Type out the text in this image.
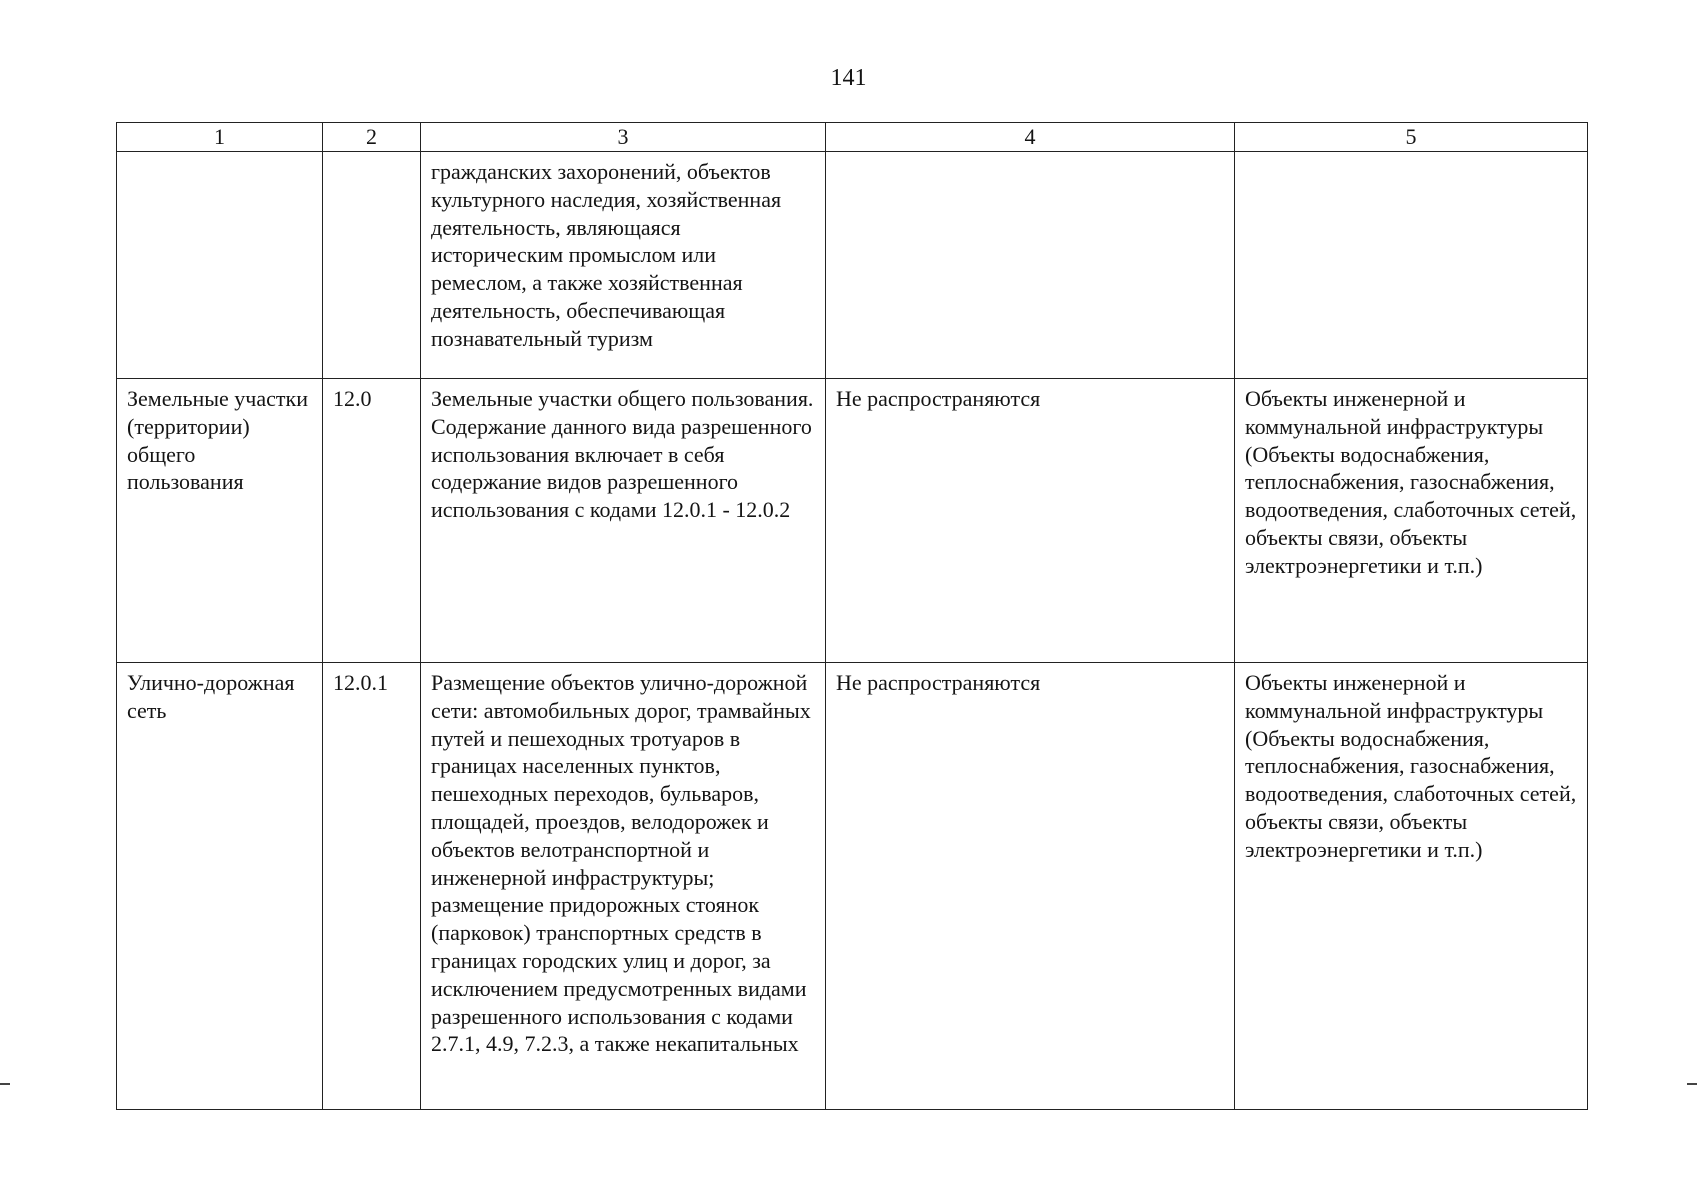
141
1	2	3	4	5

		гражданских захоронений, объектов культурного наследия, хозяйственная деятельность, являющаяся историческим промыслом или ремеслом, а также хозяйственная деятельность, обеспечивающая познавательный туризм		

Земельные участки (территории) общего пользования	12.0	Земельные участки общего пользования. Содержание данного вида разрешенного использования включает в себя содержание видов разрешенного использования с кодами 12.0.1 - 12.0.2	Не распространяются	Объекты инженерной и коммунальной инфраструктуры (Объекты водоснабжения, теплоснабжения, газоснабжения, водоотведения, слаботочных сетей, объекты связи, объекты электроэнергетики и т.п.)
Улично-дорожная сеть	12.0.1	Размещение объектов улично-дорожной сети: автомобильных дорог, трамвайных путей и пешеходных тротуаров в границах населенных пунктов, пешеходных переходов, бульваров, площадей, проездов, велодорожек и объектов велотранспортной и инженерной инфраструктуры;
размещение придорожных стоянок (парковок) транспортных средств в границах городских улиц и дорог, за исключением предусмотренных видами разрешенного использования с кодами 2.7.1, 4.9, 7.2.3, а также некапитальных	Не распространяются	Объекты инженерной и коммунальной инфраструктуры (Объекты водоснабжения, теплоснабжения, газоснабжения, водоотведения, слаботочных сетей, объекты связи, объекты электроэнергетики и т.п.)
